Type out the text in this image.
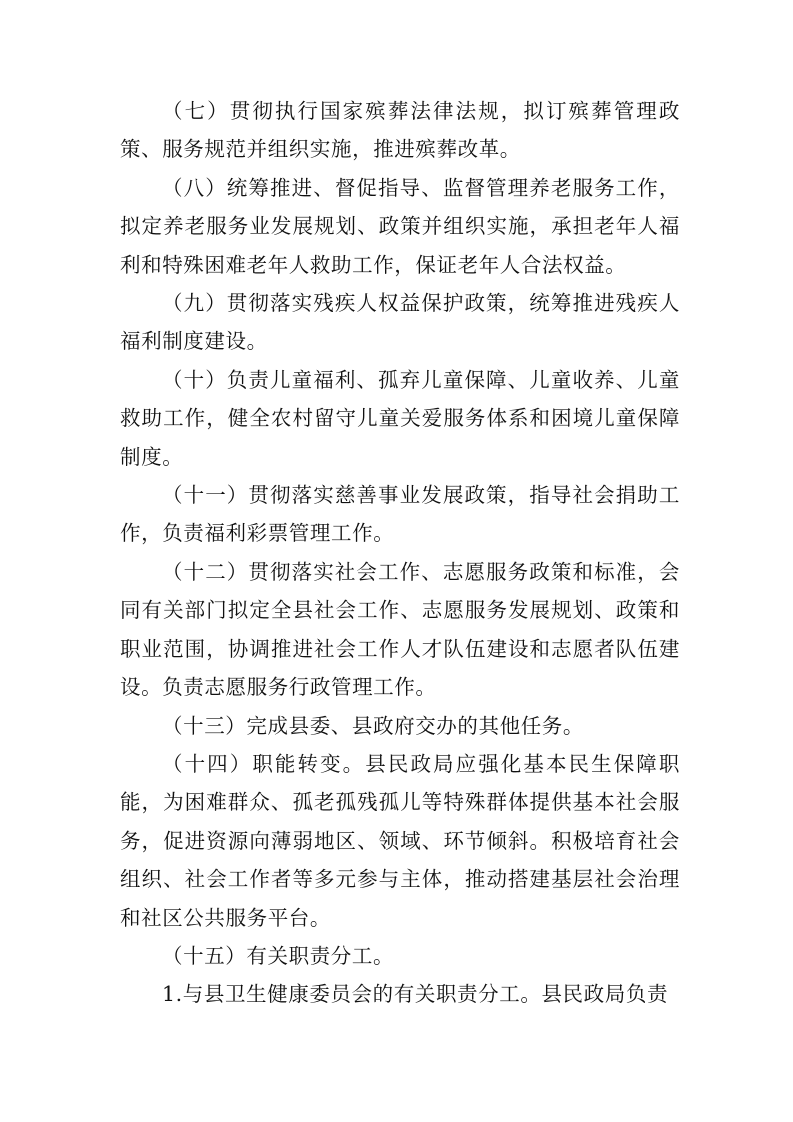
（七）贯彻执行国家殡葬法律法规，拟订殡葬管理政策、服务规范并组织实施，推进殡葬改革。

（八）统筹推进、督促指导、监督管理养老服务工作，拟定养老服务业发展规划、政策并组织实施，承担老年人福利和特殊困难老年人救助工作，保证老年人合法权益。

（九）贯彻落实残疾人权益保护政策，统筹推进残疾人福利制度建设。

（十）负责儿童福利、孤弃儿童保障、儿童收养、儿童救助工作，健全农村留守儿童关爱服务体系和困境儿童保障制度。

（十一）贯彻落实慈善事业发展政策，指导社会捐助工作，负责福利彩票管理工作。

（十二）贯彻落实社会工作、志愿服务政策和标准，会同有关部门拟定全县社会工作、志愿服务发展规划、政策和职业范围，协调推进社会工作人才队伍建设和志愿者队伍建设。负责志愿服务行政管理工作。

（十三）完成县委、县政府交办的其他任务。

（十四）职能转变。县民政局应强化基本民生保障职能，为困难群众、孤老孤残孤儿等特殊群体提供基本社会服务，促进资源向薄弱地区、领域、环节倾斜。积极培育社会组织、社会工作者等多元参与主体，推动搭建基层社会治理和社区公共服务平台。

（十五）有关职责分工。

1.与县卫生健康委员会的有关职责分工。县民政局负责
